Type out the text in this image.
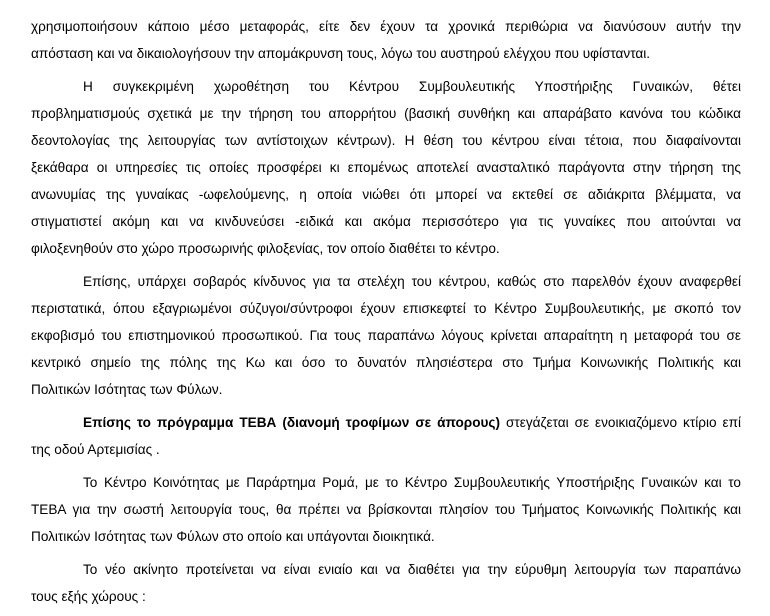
χρησιμοποιήσουν κάποιο μέσο μεταφοράς, είτε δεν έχουν τα χρονικά περιθώρια να διανύσουν αυτήν την
απόσταση και να δικαιολογήσουν την απομάκρυνση τους, λόγω του αυστηρού ελέγχου που υφίστανται.

Η συγκεκριμένη χωροθέτηση του Κέντρου Συμβουλευτικής Υποστήριξης Γυναικών, θέτει
προβληματισμούς σχετικά με την τήρηση του απορρήτου (βασική συνθήκη και απαράβατο κανόνα του κώδικα
δεοντολογίας της λειτουργίας των αντίστοιχων κέντρων). Η θέση του κέντρου είναι τέτοια, που διαφαίνονται
ξεκάθαρα οι υπηρεσίες τις οποίες προσφέρει κι επομένως αποτελεί ανασταλτικό παράγοντα στην τήρηση της
ανωνυμίας της γυναίκας -ωφελούμενης, η οποία νιώθει ότι μπορεί να εκτεθεί σε αδιάκριτα βλέμματα, να
στιγματιστεί ακόμη και να κινδυνεύσει -ειδικά και ακόμα περισσότερο για τις γυναίκες που αιτούνται να
φιλοξενηθούν στο χώρο προσωρινής φιλοξενίας, τον οποίο διαθέτει το κέντρο.

Επίσης, υπάρχει σοβαρός κίνδυνος για τα στελέχη του κέντρου, καθώς στο παρελθόν έχουν αναφερθεί
περιστατικά, όπου εξαγριωμένοι σύζυγοι/σύντροφοι έχουν επισκεφτεί το Κέντρο Συμβουλευτικής, με σκοπό τον
εκφοβισμό του επιστημονικού προσωπικού. Για τους παραπάνω λόγους κρίνεται απαραίτητη η μεταφορά του σε
κεντρικό σημείο της πόλης της Κω και όσο το δυνατόν πλησιέστερα στο Τμήμα Κοινωνικής Πολιτικής και
Πολιτικών Ισότητας των Φύλων.

Επίσης το πρόγραμμα ΤΕΒΑ (διανομή τροφίμων σε άπορους) στεγάζεται σε ενοικιαζόμενο κτίριο επί
της οδού Αρτεμισίας .

Το Κέντρο Κοινότητας με Παράρτημα Ρομά, με το Κέντρο Συμβουλευτικής Υποστήριξης Γυναικών και το
ΤΕΒΑ για την σωστή λειτουργία τους, θα πρέπει να βρίσκονται πλησίον του Τμήματος Κοινωνικής Πολιτικής και
Πολιτικών Ισότητας των Φύλων στο οποίο και υπάγονται διοικητικά.

Το νέο ακίνητο προτείνεται να είναι ενιαίο και να διαθέτει για την εύρυθμη λειτουργία των παραπάνω
τους εξής χώρους :
